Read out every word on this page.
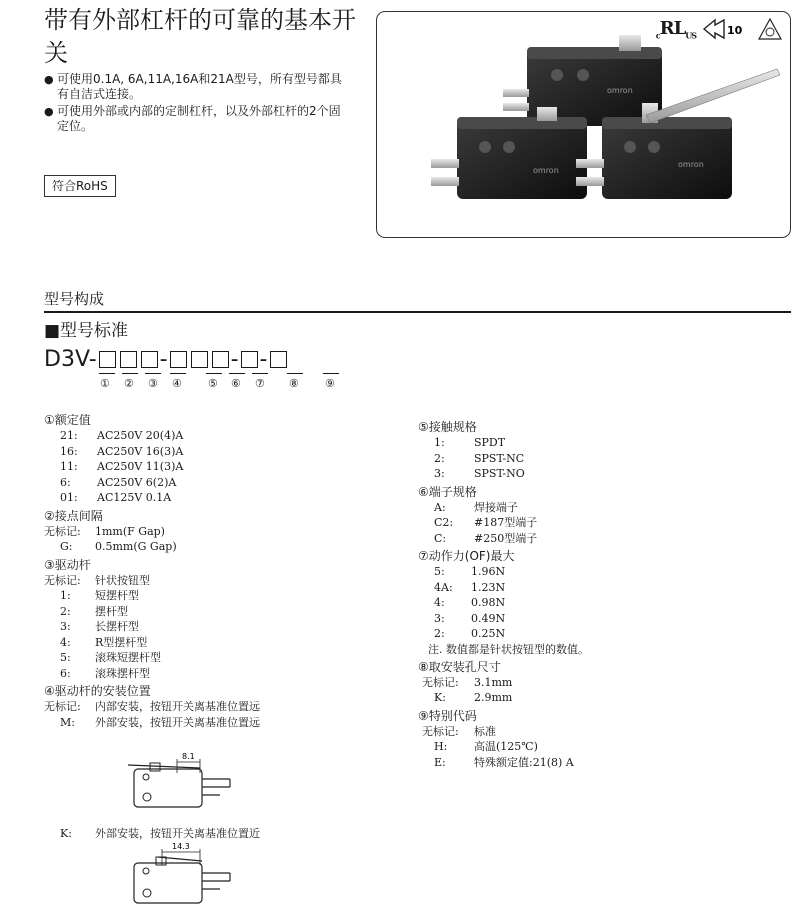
带有外部杠杆的可靠的基本开关
● 可使用0.1A, 6A,11A,16A和21A型号，所有型号都具有自洁式连接。
● 可使用外部或内部的定制杠杆，以及外部杠杆的2个固定位。
符合RoHS
$_cRL_{US}$	10
omron
omron
omron
型号构成
■型号标准
D3V-	-	- -
① ② ③ ④ ⑤ ⑥ ⑦ ⑧ ⑨
①额定值
21:	AC250V 20(4)A
16:	AC250V 16(3)A
11:	AC250V 11(3)A
6:	AC250V 6(2)A
01:	AC125V 0.1A
②接点间隔
无标记:	1mm(F Gap)
G:	0.5mm(G Gap)
③驱动杆
无标记:	针状按钮型
1:	短摆杆型
2:	摆杆型
3:	长摆杆型
4:	R型摆杆型
5:	滚珠短摆杆型
6:	滚珠摆杆型
④驱动杆的安装位置
无标记:	内部安装，按钮开关离基准位置远
M:	外部安装，按钮开关离基准位置远
8.1
K:	外部安装，按钮开关离基准位置近
14.3
⑤接触规格
1:	SPDT
2:	SPST-NC
3:	SPST-NO
⑥端子规格
A:	焊接端子
C2:	#187型端子
C:	#250型端子
⑦动作力(OF)最大
5:	1.96N
4A:	1.23N
4:	0.98N
3:	0.49N
2:	0.25N
注. 数值都是针状按钮型的数值。
⑧取安装孔尺寸
无标记:	3.1mm
K:	2.9mm
⑨特别代码
无标记:	标准
H:	高温(125℃)
E:	特殊额定值:21(8) A
